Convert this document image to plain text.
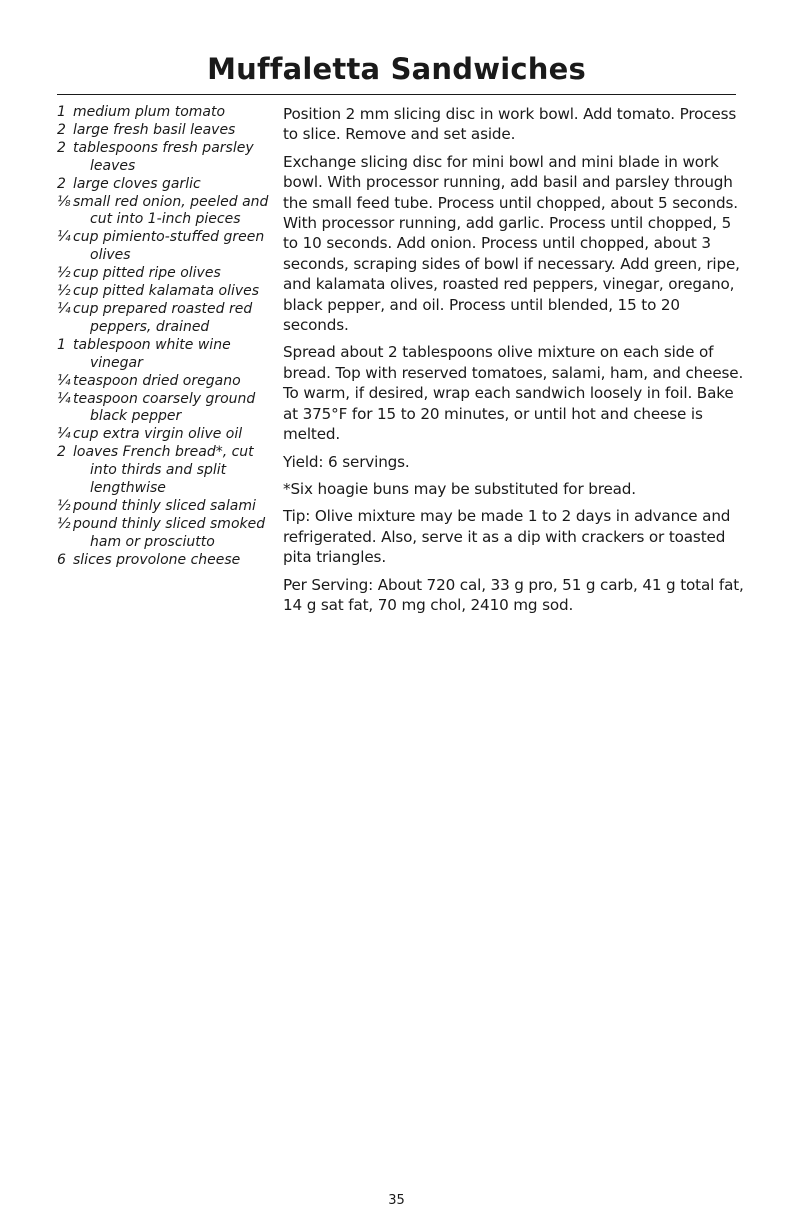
Muffaletta Sandwiches
1 medium plum tomato
2 large fresh basil leaves
2 tablespoons fresh parsley leaves
2 large cloves garlic
⅛ small red onion, peeled and cut into 1-inch pieces
¼ cup pimiento-stuffed green olives
½ cup pitted ripe olives
½ cup pitted kalamata olives
¼ cup prepared roasted red peppers, drained
1 tablespoon white wine vinegar
¼ teaspoon dried oregano
¼ teaspoon coarsely ground black pepper
¼ cup extra virgin olive oil
2 loaves French bread*, cut into thirds and split lengthwise
½ pound thinly sliced salami
½ pound thinly sliced smoked ham or prosciutto
6 slices provolone cheese

Position 2 mm slicing disc in work bowl. Add tomato. Process to slice. Remove and set aside.

Exchange slicing disc for mini bowl and mini blade in work bowl. With processor running, add basil and parsley through the small feed tube. Process until chopped, about 5 seconds. With processor running, add garlic. Process until chopped, 5 to 10 seconds. Add onion. Process until chopped, about 3 seconds, scraping sides of bowl if necessary. Add green, ripe, and kalamata olives, roasted red peppers, vinegar, oregano, black pepper, and oil. Process until blended, 15 to 20 seconds.

Spread about 2 tablespoons olive mixture on each side of bread. Top with reserved tomatoes, salami, ham, and cheese. To warm, if desired, wrap each sandwich loosely in foil. Bake at 375°F for 15 to 20 minutes, or until hot and cheese is melted.

Yield: 6 servings.

*Six hoagie buns may be substituted for bread.

Tip: Olive mixture may be made 1 to 2 days in advance and refrigerated. Also, serve it as a dip with crackers or toasted pita triangles.

Per Serving: About 720 cal, 33 g pro, 51 g carb, 41 g total fat, 14 g sat fat, 70 mg chol, 2410 mg sod.

35
